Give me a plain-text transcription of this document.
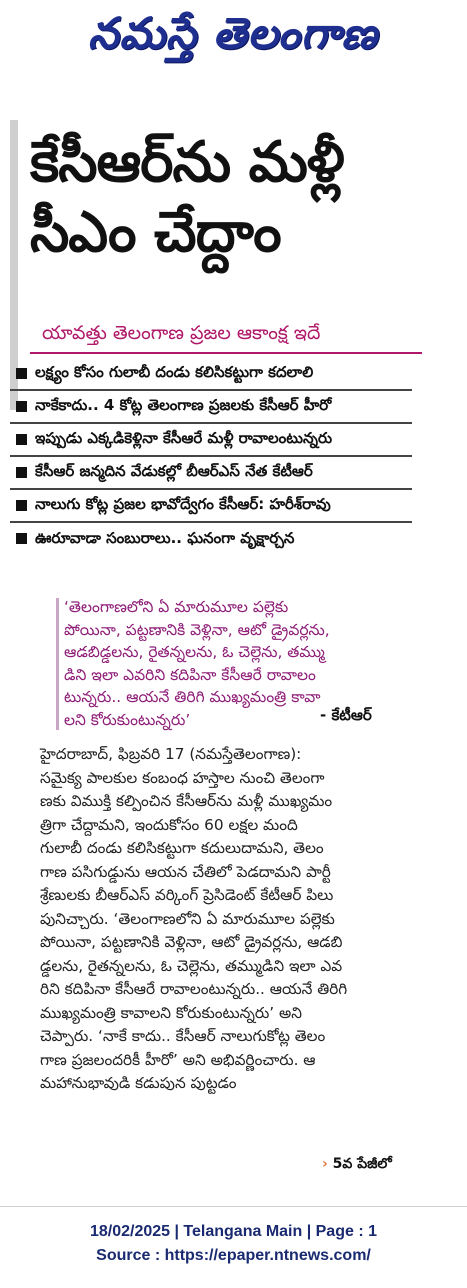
నమస్తే తెలంగాణ
కేసీఆర్‌ను మళ్లీ
సీఎం చేద్దాం
యావత్తు తెలంగాణ ప్రజల ఆకాంక్ష ఇదే
లక్ష్యం కోసం గులాబీ దండు కలిసికట్టుగా కదలాలి
నాకేకాదు.. 4 కోట్ల తెలంగాణ ప్రజలకు కేసీఆర్ హీరో
ఇప్పుడు ఎక్కడికెళ్లినా కేసీఆరే మళ్లీ రావాలంటున్నరు
కేసీఆర్ జన్మదిన వేడుకల్లో బీఆర్‌ఎస్ నేత కేటీఆర్
నాలుగు కోట్ల ప్రజల భావోద్వేగం కేసీఆర్: హరీశ్‌రావు
ఊరూవాడా సంబురాలు.. ఘనంగా వృక్షార్చన

‘తెలంగాణలోని ఏ మారుమూల పల్లెకు
పోయినా, పట్టణానికి వెళ్లినా, ఆటో డ్రైవర్లను,
ఆడబిడ్డలను, రైతన్నలను, ఓ చెల్లెను, తమ్ము
డిని ఇలా ఎవరిని కదిపినా కేసీఆరే రావాలం
టున్నరు.. ఆయనే తిరిగి ముఖ్యమంత్రి కావా
లని కోరుకుంటున్నరు’	- కేటీఆర్
హైదరాబాద్, ఫిబ్రవరి 17 (నమస్తేతెలంగాణ):
సమైక్య పాలకుల కంబంధ హస్తాల నుంచి తెలంగా
ణకు విముక్తి కల్పించిన కేసీఆర్‌ను మళ్లీ ముఖ్యమం
త్రిగా చేద్దామని, ఇందుకోసం 60 లక్షల మంది
గులాబీ దండు కలిసికట్టుగా కదులుదామని, తెలం
గాణ పసిగుడ్డును ఆయన చేతిలో పెడదామని పార్టీ
శ్రేణులకు బీఆర్‌ఎస్ వర్కింగ్ ప్రెసిడెంట్ కేటీఆర్ పిలు
పునిచ్చారు. ‘తెలంగాణలోని ఏ మారుమూల పల్లెకు
పోయినా, పట్టణానికి వెళ్లినా, ఆటో డ్రైవర్లను, ఆడబి
డ్డలను, రైతన్నలను, ఓ చెల్లెను, తమ్ముడిని ఇలా ఎవ
రిని కదిపినా కేసీఆరే రావాలంటున్నరు.. ఆయనే తిరిగి
ముఖ్యమంత్రి కావాలని కోరుకుంటున్నరు’ అని
చెప్పారు. ‘నాకే కాదు.. కేసీఆర్ నాలుగుకోట్ల తెలం
గాణ ప్రజలందరికీ హీరో’ అని అభివర్ణించారు. ఆ
మహానుభావుడి కడుపున పుట్టడం
› 5వ పేజీలో
18/02/2025 | Telangana Main | Page : 1
Source : https://epaper.ntnews.com/
